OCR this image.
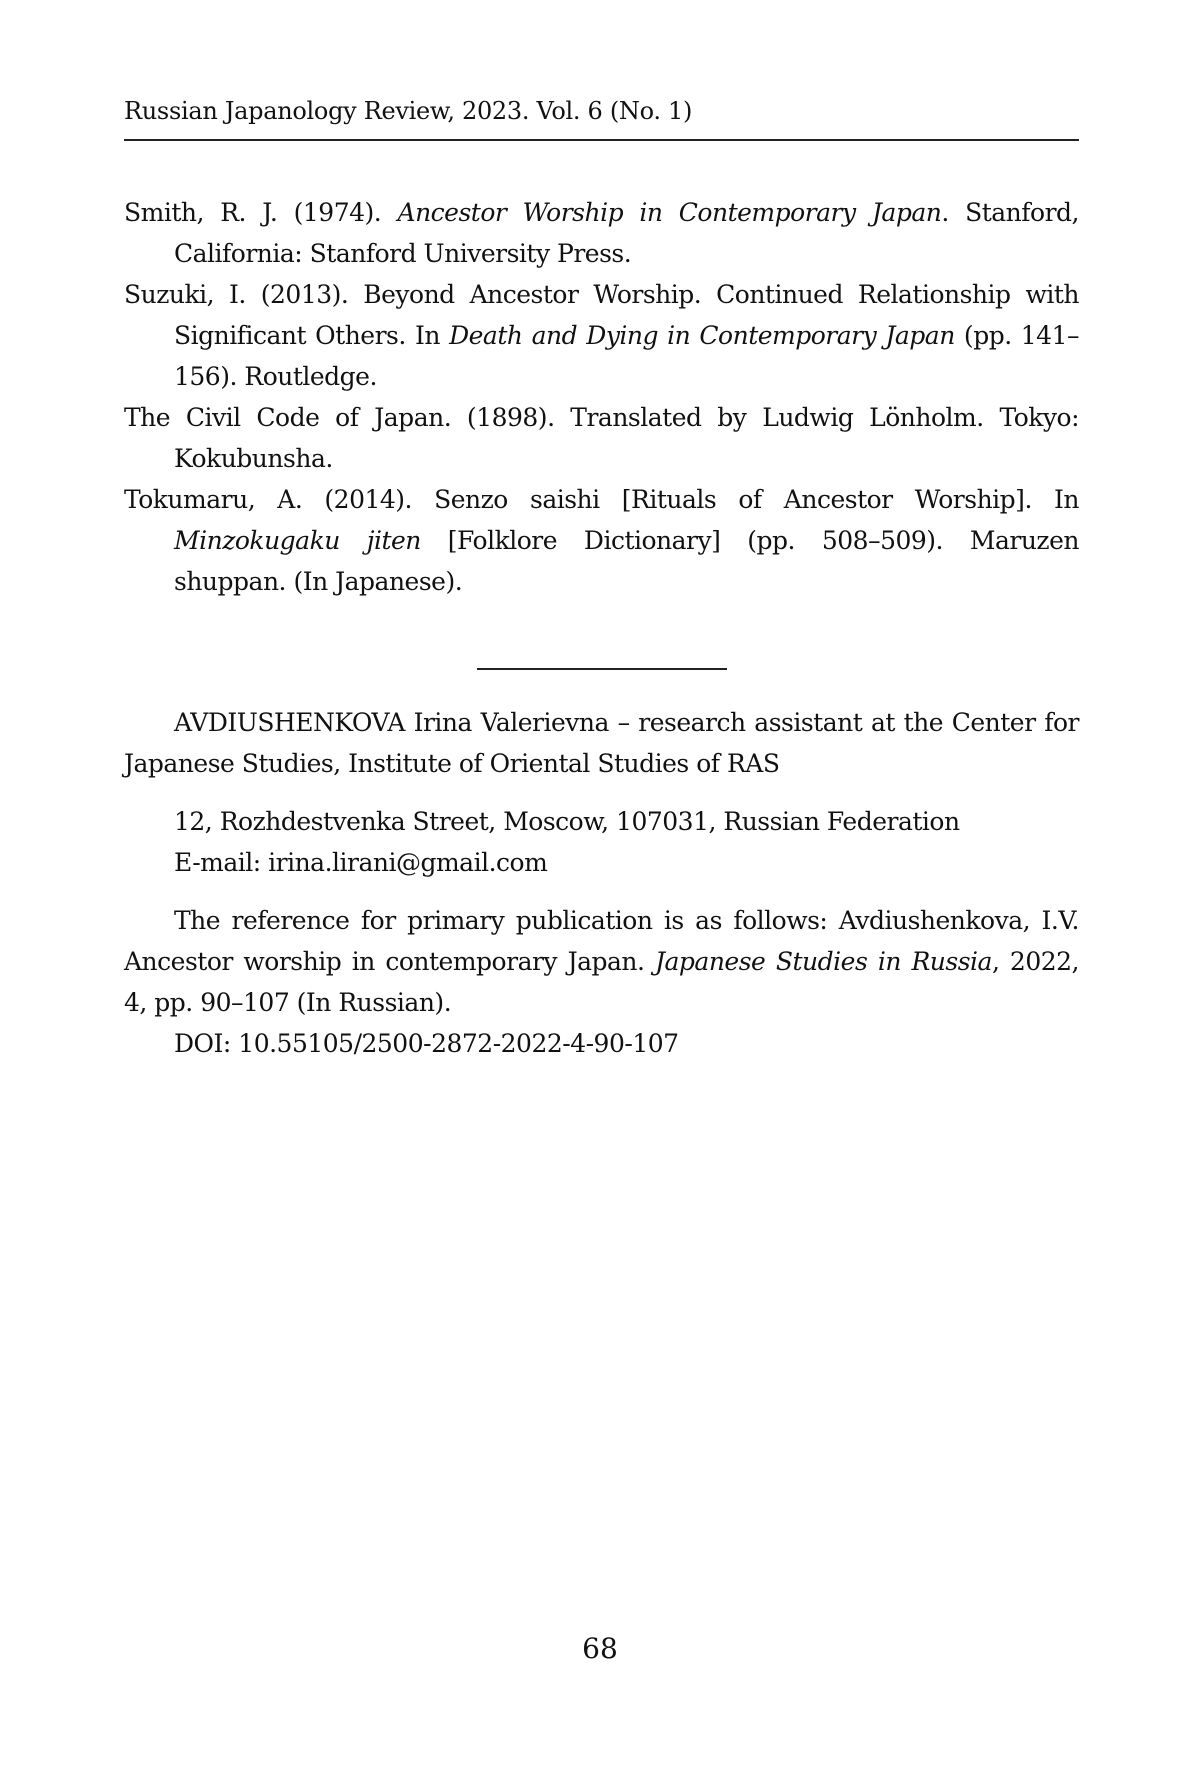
Russian Japanology Review, 2023. Vol. 6 (No. 1)
Smith, R. J. (1974). Ancestor Worship in Contemporary Japan. Stanford, California: Stanford University Press.
Suzuki, I. (2013). Beyond Ancestor Worship. Continued Relationship with Significant Others. In Death and Dying in Contemporary Japan (pp. 141–156). Routledge.
The Civil Code of Japan. (1898). Translated by Ludwig Lönholm. Tokyo: Kokubunsha.
Tokumaru, A. (2014). Senzo saishi [Rituals of Ancestor Worship]. In Minzokugaku jiten [Folklore Dictionary] (pp. 508–509). Maruzen shuppan. (In Japanese).

AVDIUSHENKOVA Irina Valerievna – research assistant at the Center for Japanese Studies, Institute of Oriental Studies of RAS

12, Rozhdestvenka Street, Moscow, 107031, Russian Federation
E-mail: irina.lirani@gmail.com

The reference for primary publication is as follows: Avdiushenkova, I.V. Ancestor worship in contemporary Japan. Japanese Studies in Russia, 2022, 4, pp. 90–107 (In Russian).

DOI: 10.55105/2500-2872-2022-4-90-107

68
